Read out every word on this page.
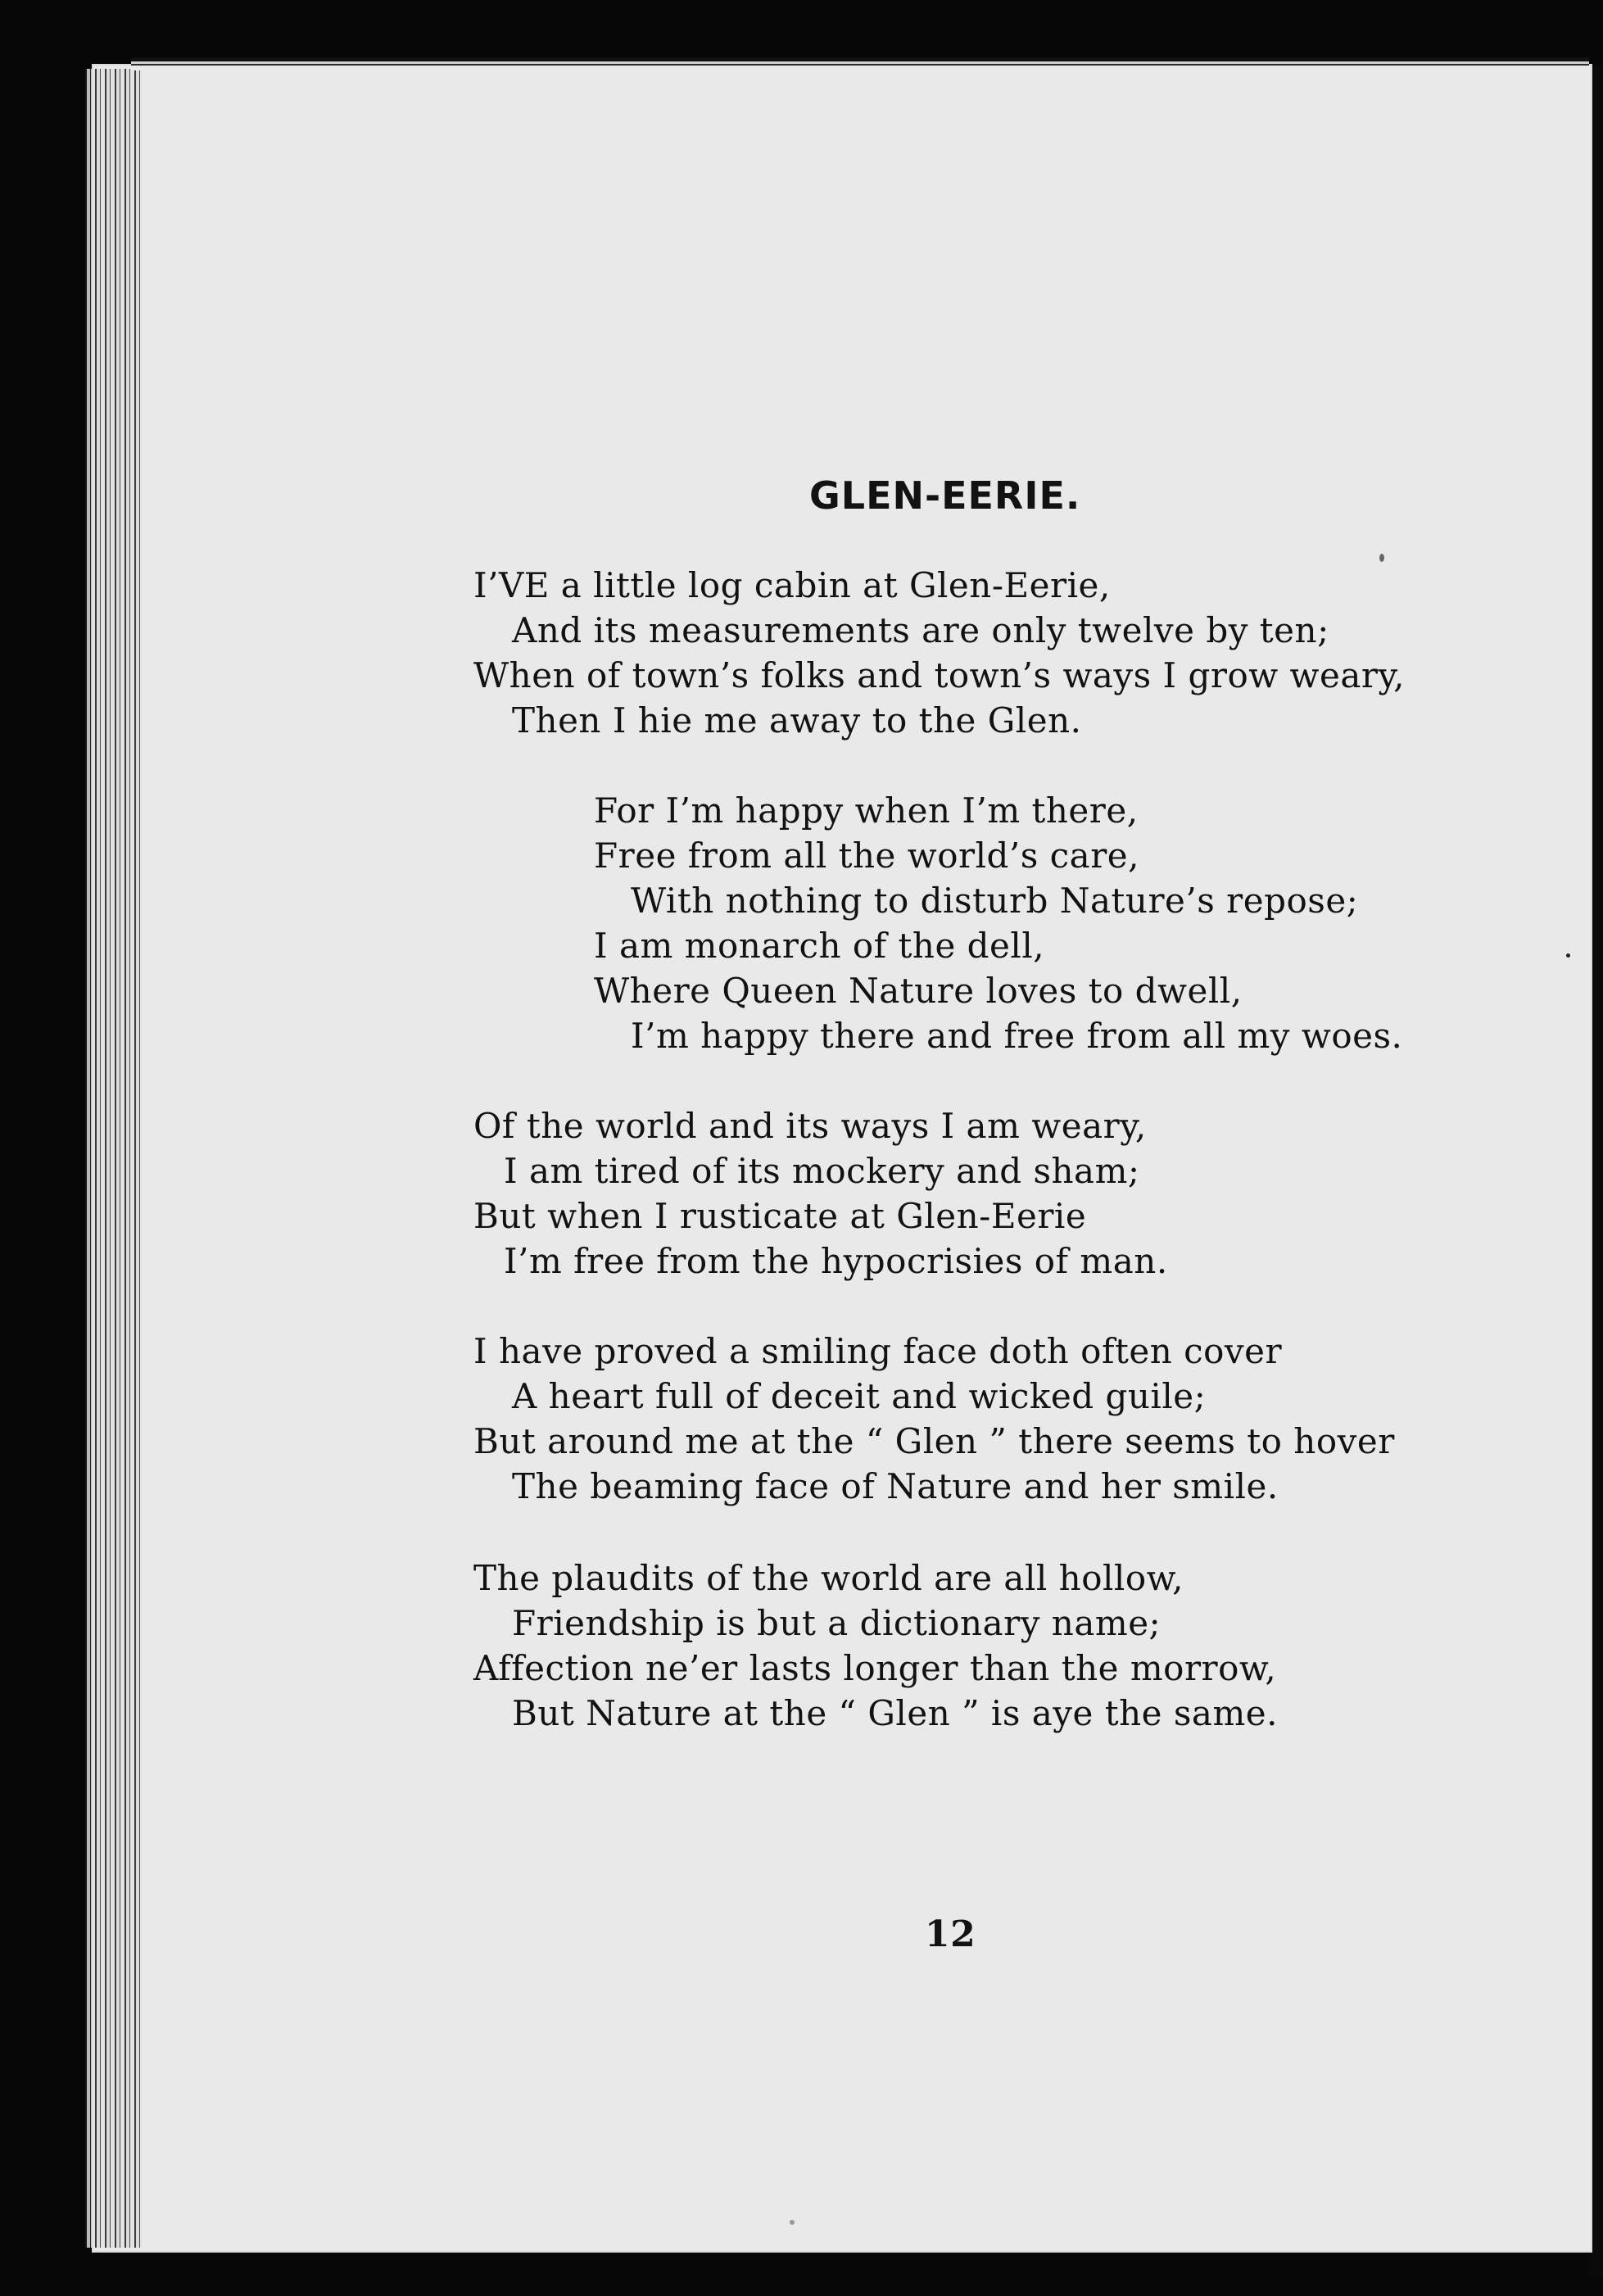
GLEN-EERIE.
I’VE a little log cabin at Glen-Eerie,
And its measurements are only twelve by ten;
When of town’s folks and town’s ways I grow weary,
Then I hie me away to the Glen.
For I’m happy when I’m there,
Free from all the world’s care,
With nothing to disturb Nature’s repose;
I am monarch of the dell,
Where Queen Nature loves to dwell,
I’m happy there and free from all my woes.
Of the world and its ways I am weary,
I am tired of its mockery and sham;
But when I rusticate at Glen-Eerie
I’m free from the hypocrisies of man.
I have proved a smiling face doth often cover
A heart full of deceit and wicked guile;
But around me at the “ Glen ” there seems to hover
The beaming face of Nature and her smile.
The plaudits of the world are all hollow,
Friendship is but a dictionary name;
Affection ne’er lasts longer than the morrow,
But Nature at the “ Glen ” is aye the same.
12
